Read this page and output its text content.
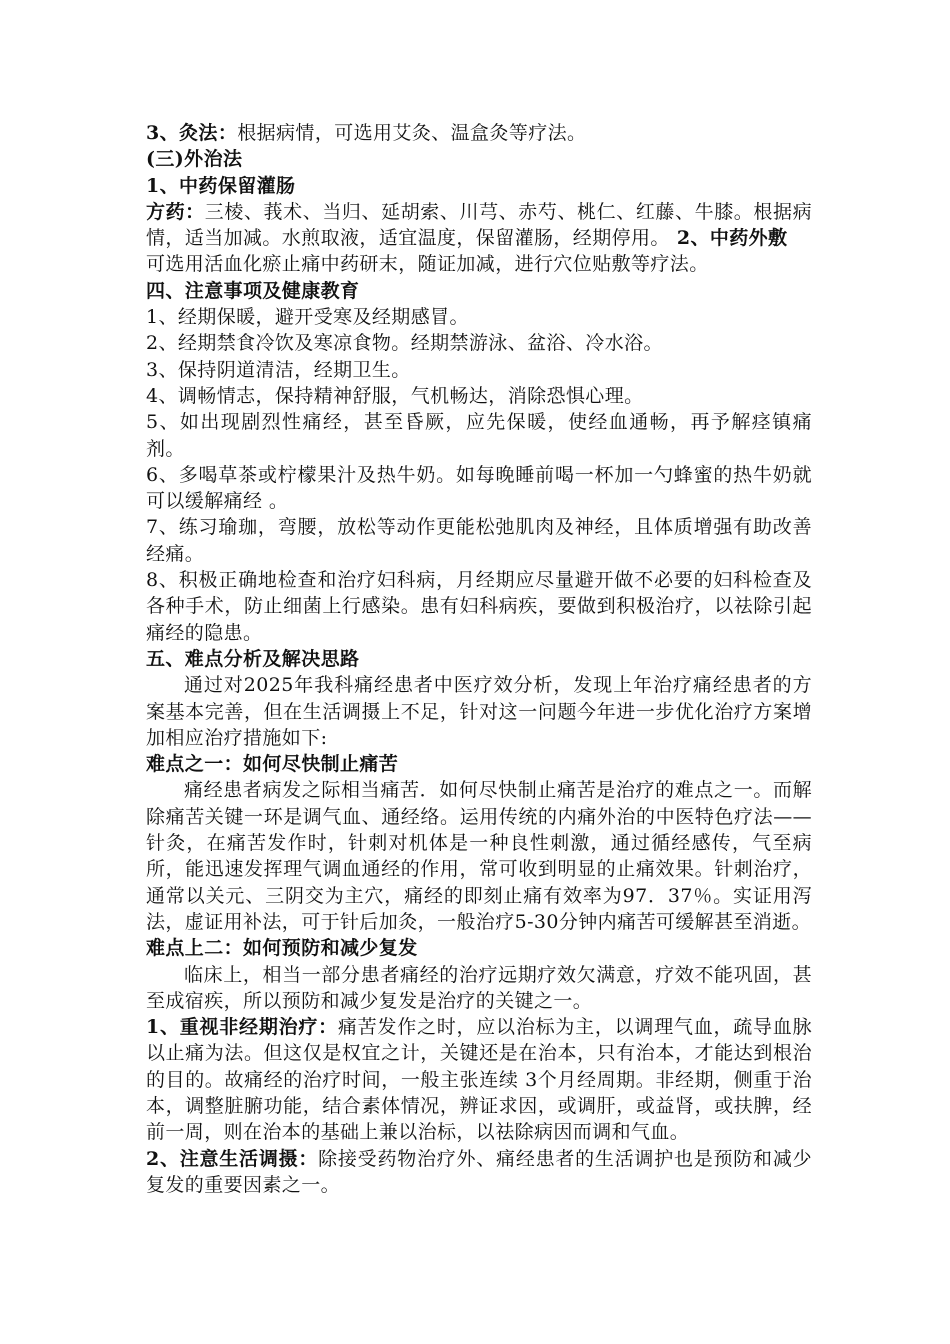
3、灸法：根据病情，可选用艾灸、温盒灸等疗法。

(三)外治法

1、中药保留灌肠

方药：三棱、莪术、当归、延胡索、川芎、赤芍、桃仁、红藤、牛膝。根据病情，适当加减。水煎取液，适宜温度，保留灌肠，经期停用。 2、中药外敷

可选用活血化瘀止痛中药研末，随证加减，进行穴位贴敷等疗法。

四、注意事项及健康教育

1、经期保暖，避开受寒及经期感冒。

2、经期禁食冷饮及寒凉食物。经期禁游泳、盆浴、冷水浴。

3、保持阴道清洁，经期卫生。

4、调畅情志，保持精神舒服，气机畅达，消除恐惧心理。

5、如出现剧烈性痛经，甚至昏厥，应先保暖，使经血通畅，再予解痉镇痛剂。

6、多喝草茶或柠檬果汁及热牛奶。如每晚睡前喝一杯加一勺蜂蜜的热牛奶就可以缓解痛经 。

7、练习瑜珈，弯腰，放松等动作更能松弛肌肉及神经，且体质增强有助改善经痛。

8、积极正确地检查和治疗妇科病，月经期应尽量避开做不必要的妇科检查及各种手术，防止细菌上行感染。患有妇科病疾，要做到积极治疗，以祛除引起痛经的隐患。

五、难点分析及解决思路

通过对2025年我科痛经患者中医疗效分析，发现上年治疗痛经患者的方案基本完善，但在生活调摄上不足，针对这一问题今年进一步优化治疗方案增加相应治疗措施如下:

难点之一：如何尽快制止痛苦

痛经患者病发之际相当痛苦．如何尽快制止痛苦是治疗的难点之一。而解除痛苦关键一环是调气血、通经络。运用传统的内痛外治的中医特色疗法——针灸，在痛苦发作时，针刺对机体是一种良性刺激，通过循经感传，气至病所，能迅速发挥理气调血通经的作用，常可收到明显的止痛效果。针刺治疗，通常以关元、三阴交为主穴，痛经的即刻止痛有效率为97．37％。实证用泻法，虚证用补法，可于针后加灸，一般治疗5-30分钟内痛苦可缓解甚至消逝。

难点上二：如何预防和减少复发

临床上，相当一部分患者痛经的治疗远期疗效欠满意，疗效不能巩固，甚至成宿疾，所以预防和减少复发是治疗的关键之一。

1、重视非经期治疗：痛苦发作之时，应以治标为主，以调理气血，疏导血脉以止痛为法。但这仅是权宜之计，关键还是在治本，只有治本，才能达到根治的目的。故痛经的治疗时间，一般主张连续 3个月经周期。非经期，侧重于治本，调整脏腑功能，结合素体情况，辨证求因，或调肝，或益肾，或扶脾，经前一周，则在治本的基础上兼以治标，以祛除病因而调和气血。

2、注意生活调摄：除接受药物治疗外、痛经患者的生活调护也是预防和减少复发的重要因素之一。
